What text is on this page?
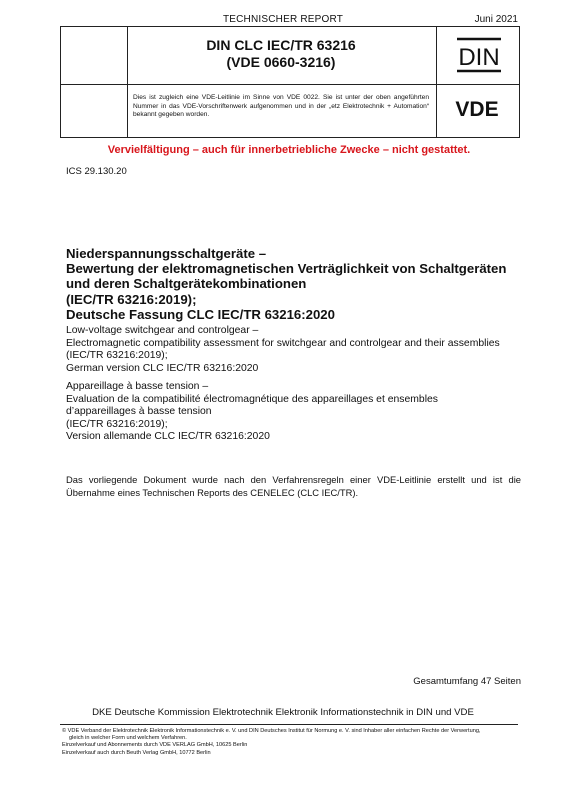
TECHNISCHER REPORT	Juni 2021
DIN CLC IEC/TR 63216
(VDE 0660-3216)	DIN
Dies ist zugleich eine VDE-Leitlinie im Sinne von VDE 0022. Sie ist unter der oben angeführten Nummer in das VDE-Vorschriftenwerk aufgenommen und in der „etz Elektrotechnik + Automation“ bekannt gegeben worden.	VDE
Vervielfältigung – auch für innerbetriebliche Zwecke – nicht gestattet.
ICS 29.130.20
Niederspannungsschaltgeräte –
Bewertung der elektromagnetischen Verträglichkeit von Schaltgeräten
und deren Schaltgerätekombinationen
(IEC/TR 63216:2019);
Deutsche Fassung CLC IEC/TR 63216:2020
Low-voltage switchgear and controlgear –
Electromagnetic compatibility assessment for switchgear and controlgear and their assemblies
(IEC/TR 63216:2019);
German version CLC IEC/TR 63216:2020
Appareillage à basse tension –
Evaluation de la compatibilité électromagnétique des appareillages et ensembles
d’appareillages à basse tension
(IEC/TR 63216:2019);
Version allemande CLC IEC/TR 63216:2020
Das vorliegende Dokument wurde nach den Verfahrensregeln einer VDE-Leitlinie erstellt und ist die Übernahme eines Technischen Reports des CENELEC (CLC IEC/TR).
Gesamtumfang 47 Seiten
DKE Deutsche Kommission Elektrotechnik Elektronik Informationstechnik in DIN und VDE
© VDE Verband der Elektrotechnik Elektronik Informationstechnik e. V. und DIN Deutsches Institut für Normung e. V. sind Inhaber aller einfachen Rechte der Verwertung,
gleich in welcher Form und welchem Verfahren.
Einzelverkauf und Abonnements durch VDE VERLAG GmbH, 10625 Berlin
Einzelverkauf auch durch Beuth Verlag GmbH, 10772 Berlin
